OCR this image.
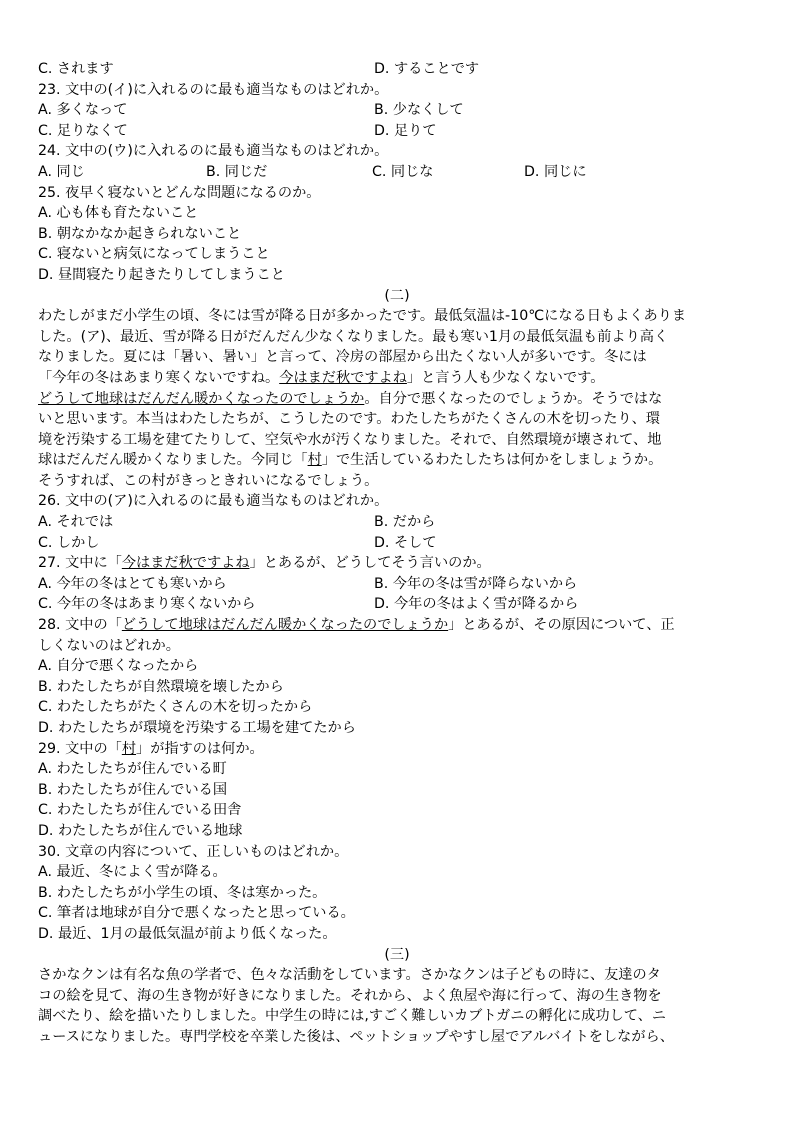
C. されます	D. することです
23. 文中の(イ)に入れるのに最も適当なものはどれか。
A. 多くなって	B. 少なくして
C. 足りなくて	D. 足りて
24. 文中の(ウ)に入れるのに最も適当なものはどれか。
A. 同じ	B. 同じだ	C. 同じな	D. 同じに
25. 夜早く寝ないとどんな問題になるのか。
A. 心も体も育たないこと
B. 朝なかなか起きられないこと
C. 寝ないと病気になってしまうこと
D. 昼間寝たり起きたりしてしまうこと
(二)
わたしがまだ小学生の頃、冬には雪が降る日が多かったです。最低気温は-10℃になる日もよくありま
した。(ア)、最近、雪が降る日がだんだん少なくなりました。最も寒い1月の最低気温も前より高く
なりました。夏には「暑い、暑い」と言って、冷房の部屋から出たくない人が多いです。冬には
「今年の冬はあまり寒くないですね。今はまだ秋ですよね」と言う人も少なくないです。
どうして地球はだんだん暖かくなったのでしょうか。自分で悪くなったのでしょうか。そうではな
いと思います。本当はわたしたちが、こうしたのです。わたしたちがたくさんの木を切ったり、環
境を汚染する工場を建てたりして、空気や水が汚くなりました。それで、自然環境が壊されて、地
球はだんだん暖かくなりました。今同じ「村」で生活しているわたしたちは何かをしましょうか。
そうすれば、この村がきっときれいになるでしょう。
26. 文中の(ア)に入れるのに最も適当なものはどれか。
A. それでは	B. だから
C. しかし	D. そして
27. 文中に「今はまだ秋ですよね」とあるが、どうしてそう言いのか。
A. 今年の冬はとても寒いから	B. 今年の冬は雪が降らないから
C. 今年の冬はあまり寒くないから	D. 今年の冬はよく雪が降るから
28. 文中の「どうして地球はだんだん暖かくなったのでしょうか」とあるが、その原因について、正
しくないのはどれか。
A. 自分で悪くなったから
B. わたしたちが自然環境を壊したから
C. わたしたちがたくさんの木を切ったから
D. わたしたちが環境を汚染する工場を建てたから
29. 文中の「村」が指すのは何か。
A. わたしたちが住んでいる町
B. わたしたちが住んでいる国
C. わたしたちが住んでいる田舎
D. わたしたちが住んでいる地球
30. 文章の内容について、正しいものはどれか。
A. 最近、冬によく雪が降る。
B. わたしたちが小学生の頃、冬は寒かった。
C. 筆者は地球が自分で悪くなったと思っている。
D. 最近、1月の最低気温が前より低くなった。
(三)
さかなクンは有名な魚の学者で、色々な活動をしています。さかなクンは子どもの時に、友達のタ
コの絵を見て、海の生き物が好きになりました。それから、よく魚屋や海に行って、海の生き物を
調べたり、絵を描いたりしました。中学生の時には,すごく難しいカブトガニの孵化に成功して、ニ
ュースになりました。専門学校を卒業した後は、ペットショップやすし屋でアルバイトをしながら、
